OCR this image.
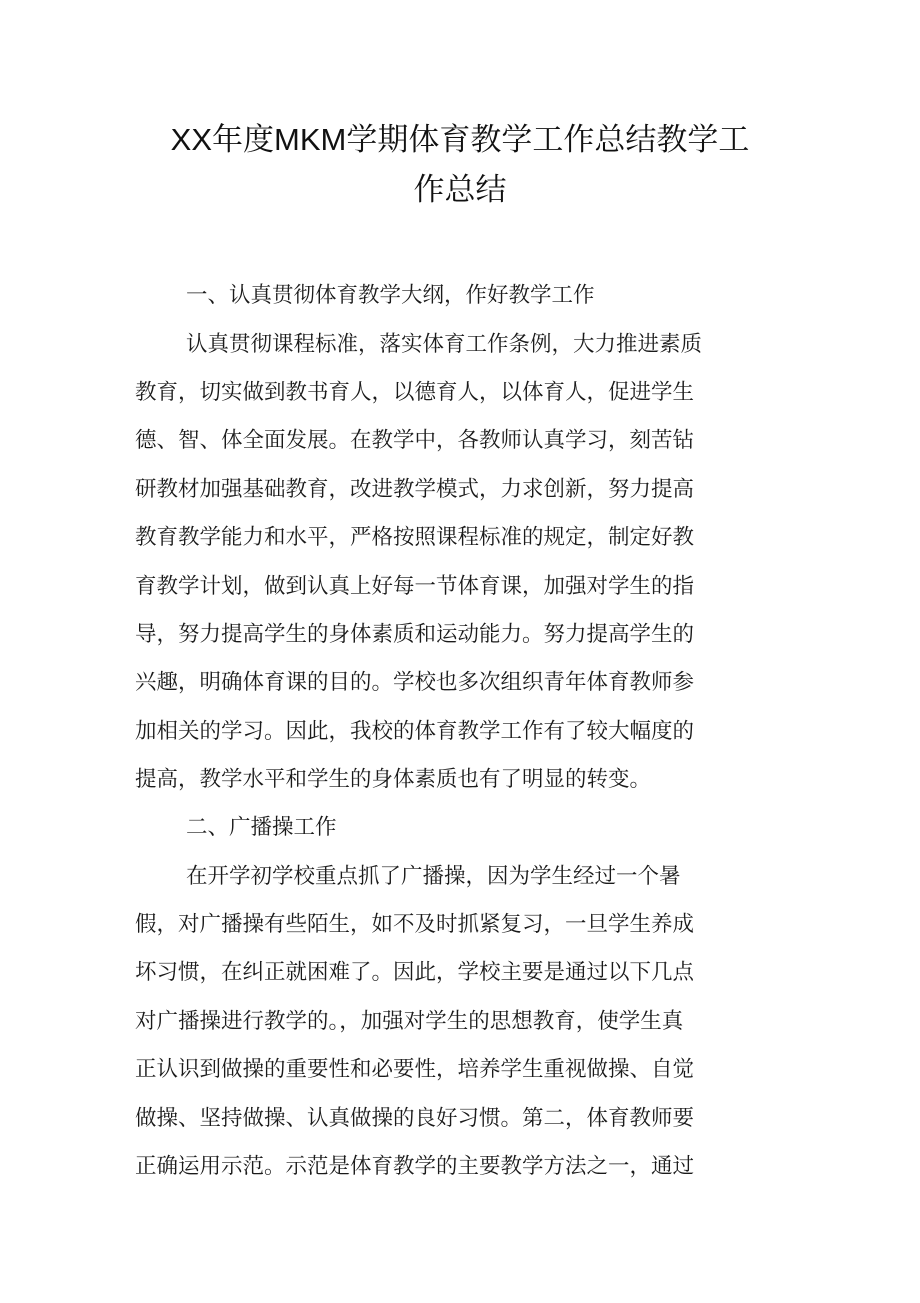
XX年度MKM学期体育教学工作总结教学工
作总结
一、认真贯彻体育教学大纲，作好教学工作
认真贯彻课程标准，落实体育工作条例，大力推进素质
教育，切实做到教书育人，以德育人，以体育人，促进学生
德、智、体全面发展。在教学中，各教师认真学习，刻苦钻
研教材加强基础教育，改进教学模式，力求创新，努力提高
教育教学能力和水平，严格按照课程标准的规定，制定好教
育教学计划，做到认真上好每一节体育课，加强对学生的指
导，努力提高学生的身体素质和运动能力。努力提高学生的
兴趣，明确体育课的目的。学校也多次组织青年体育教师参
加相关的学习。因此，我校的体育教学工作有了较大幅度的
提高，教学水平和学生的身体素质也有了明显的转变。
二、广播操工作
在开学初学校重点抓了广播操，因为学生经过一个暑
假，对广播操有些陌生，如不及时抓紧复习，一旦学生养成
坏习惯，在纠正就困难了。因此，学校主要是通过以下几点
对广播操进行教学的。，加强对学生的思想教育，使学生真
正认识到做操的重要性和必要性，培养学生重视做操、自觉
做操、坚持做操、认真做操的良好习惯。第二，体育教师要
正确运用示范。示范是体育教学的主要教学方法之一，通过
